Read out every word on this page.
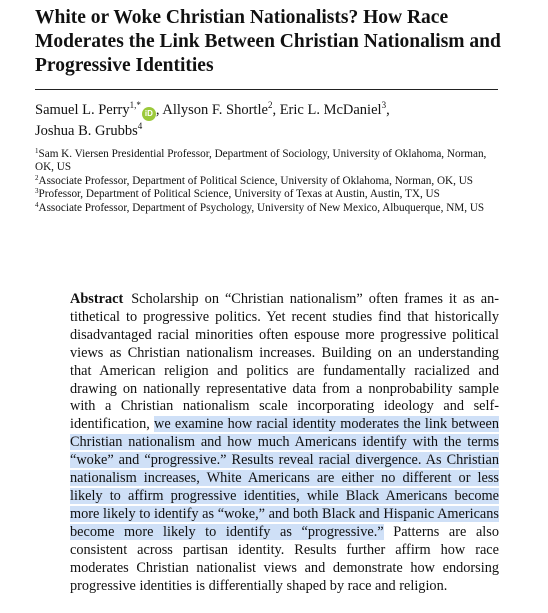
White or Woke Christian Nationalists? How Race Moderates the Link Between Christian Nationalism and Progressive Identities
Samuel L. Perry$^{1,*}$iD , Allyson F. Shortle$^2$, Eric L. McDaniel$^3$,
Joshua B. Grubbs$^4$

$^1$Sam K. Viersen Presidential Professor, Department of Sociology, University of Oklahoma, Norman, OK, US

$^2$Associate Professor, Department of Political Science, University of Oklahoma, Norman, OK, US

$^3$Professor, Department of Political Science, University of Texas at Austin, Austin, TX, US

$^4$Associate Professor, Department of Psychology, University of New Mexico, Albuquerque, NM, US

Abstract Scholarship on “Christian nationalism” often frames it as antithetical to progressive politics. Yet recent studies find that historically disadvantaged racial minorities often espouse more progressive political views as Christian nationalism increases. Building on an understanding that American religion and politics are fundamentally racialized and drawing on nationally representative data from a nonprobability sample with a Christian nationalism scale incorporating ideology and self-identification, we examine how racial identity moderates the link between Christian nationalism and how much Americans identify with the terms “woke” and “progressive.” Results reveal racial divergence. As Christian nationalism increases, White Americans are either no different or less likely to affirm progressive identities, while Black Americans become more likely to identify as “woke,” and both Black and Hispanic Americans become more likely to identify as “progressive.” Patterns are also consistent across partisan identity. Results further affirm how race moderates Christian nationalist views and demonstrate how endorsing progressive identities is differentially shaped by race and religion.
